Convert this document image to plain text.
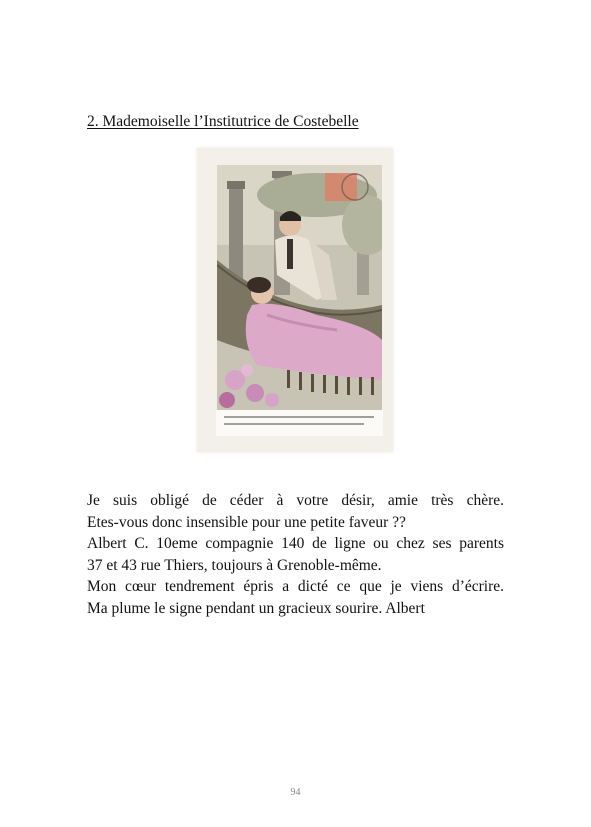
2. Mademoiselle l’Institutrice de Costebelle
Je suis obligé de céder à votre désir, amie très chère.
Etes-vous donc insensible pour une petite faveur ??
Albert C. 10eme compagnie 140 de ligne ou chez ses parents
37 et 43 rue Thiers, toujours à Grenoble-même.
Mon cœur tendrement épris a dicté ce que je viens d’écrire.
Ma plume le signe pendant un gracieux sourire. Albert
94
